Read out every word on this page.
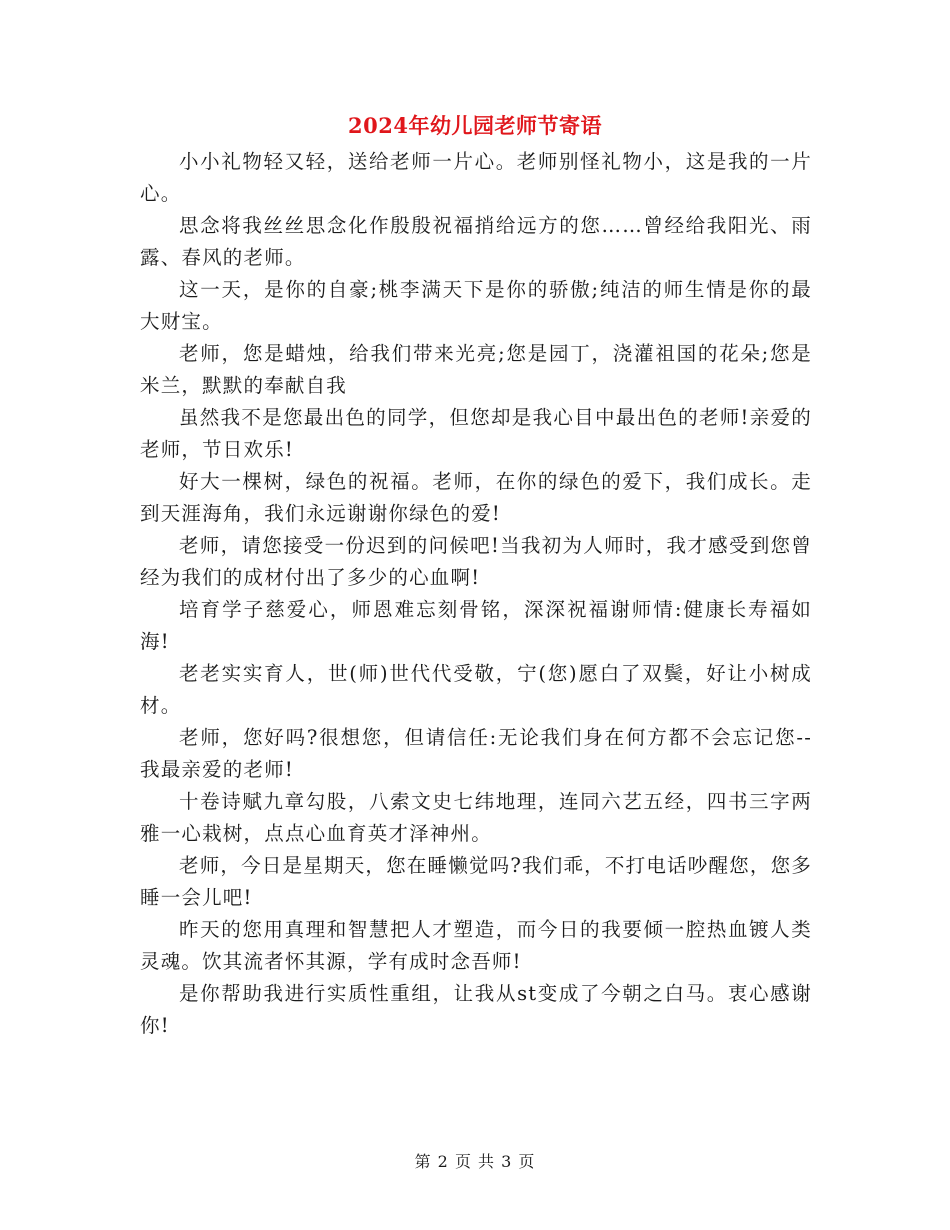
2024年幼儿园老师节寄语

小小礼物轻又轻，送给老师一片心。老师别怪礼物小，这是我的一片心。

思念将我丝丝思念化作殷殷祝福捎给远方的您……曾经给我阳光、雨露、春风的老师。

这一天，是你的自豪;桃李满天下是你的骄傲;纯洁的师生情是你的最大财宝。

老师，您是蜡烛，给我们带来光亮;您是园丁，浇灌祖国的花朵;您是米兰，默默的奉献自我

虽然我不是您最出色的同学，但您却是我心目中最出色的老师!亲爱的老师，节日欢乐!

好大一棵树，绿色的祝福。老师，在你的绿色的爱下，我们成长。走到天涯海角，我们永远谢谢你绿色的爱!

老师，请您接受一份迟到的问候吧!当我初为人师时，我才感受到您曾经为我们的成材付出了多少的心血啊!

培育学子慈爱心，师恩难忘刻骨铭，深深祝福谢师情:健康长寿福如海!

老老实实育人，世(师)世代代受敬，宁(您)愿白了双鬓，好让小树成材。

老师，您好吗?很想您，但请信任:无论我们身在何方都不会忘记您--我最亲爱的老师!

十卷诗赋九章勾股，八索文史七纬地理，连同六艺五经，四书三字两雅一心栽树，点点心血育英才泽神州。

老师，今日是星期天，您在睡懒觉吗?我们乖，不打电话吵醒您，您多睡一会儿吧!

昨天的您用真理和智慧把人才塑造，而今日的我要倾一腔热血镀人类灵魂。饮其流者怀其源，学有成时念吾师!

是你帮助我进行实质性重组，让我从st变成了今朝之白马。衷心感谢你!

第 2 页 共 3 页
